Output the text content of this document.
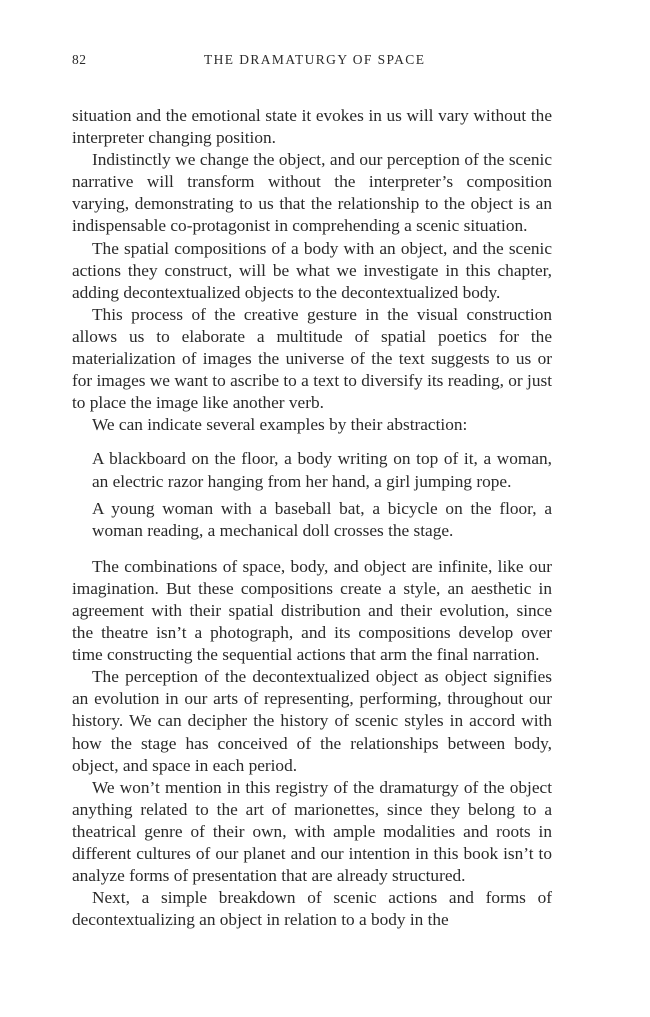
82	THE DRAMATURGY OF SPACE

situation and the emotional state it evokes in us will vary without the interpreter changing position.

Indistinctly we change the object, and our perception of the scenic narrative will transform without the interpreter’s composition varying, demonstrating to us that the relationship to the object is an indispensable co-protagonist in comprehending a scenic situation.

The spatial compositions of a body with an object, and the scenic actions they construct, will be what we investigate in this chapter, adding decontextualized objects to the decontextualized body.

This process of the creative gesture in the visual construction allows us to elaborate a multitude of spatial poetics for the materialization of images the universe of the text suggests to us or for images we want to ascribe to a text to diversify its reading, or just to place the image like another verb.

We can indicate several examples by their abstraction:

A blackboard on the floor, a body writing on top of it, a woman, an electric razor hanging from her hand, a girl jumping rope.

A young woman with a baseball bat, a bicycle on the floor, a woman reading, a mechanical doll crosses the stage.

The combinations of space, body, and object are infinite, like our imagination. But these compositions create a style, an aesthetic in agreement with their spatial distribution and their evolution, since the theatre isn’t a photograph, and its compositions develop over time constructing the sequential actions that arm the final narration.

The perception of the decontextualized object as object signifies an evolution in our arts of representing, performing, throughout our history. We can decipher the history of scenic styles in accord with how the stage has conceived of the relationships between body, object, and space in each period.

We won’t mention in this registry of the dramaturgy of the object anything related to the art of marionettes, since they belong to a theatrical genre of their own, with ample modalities and roots in different cultures of our planet and our intention in this book isn’t to analyze forms of presentation that are already structured.

Next, a simple breakdown of scenic actions and forms of decontextualizing an object in relation to a body in the
